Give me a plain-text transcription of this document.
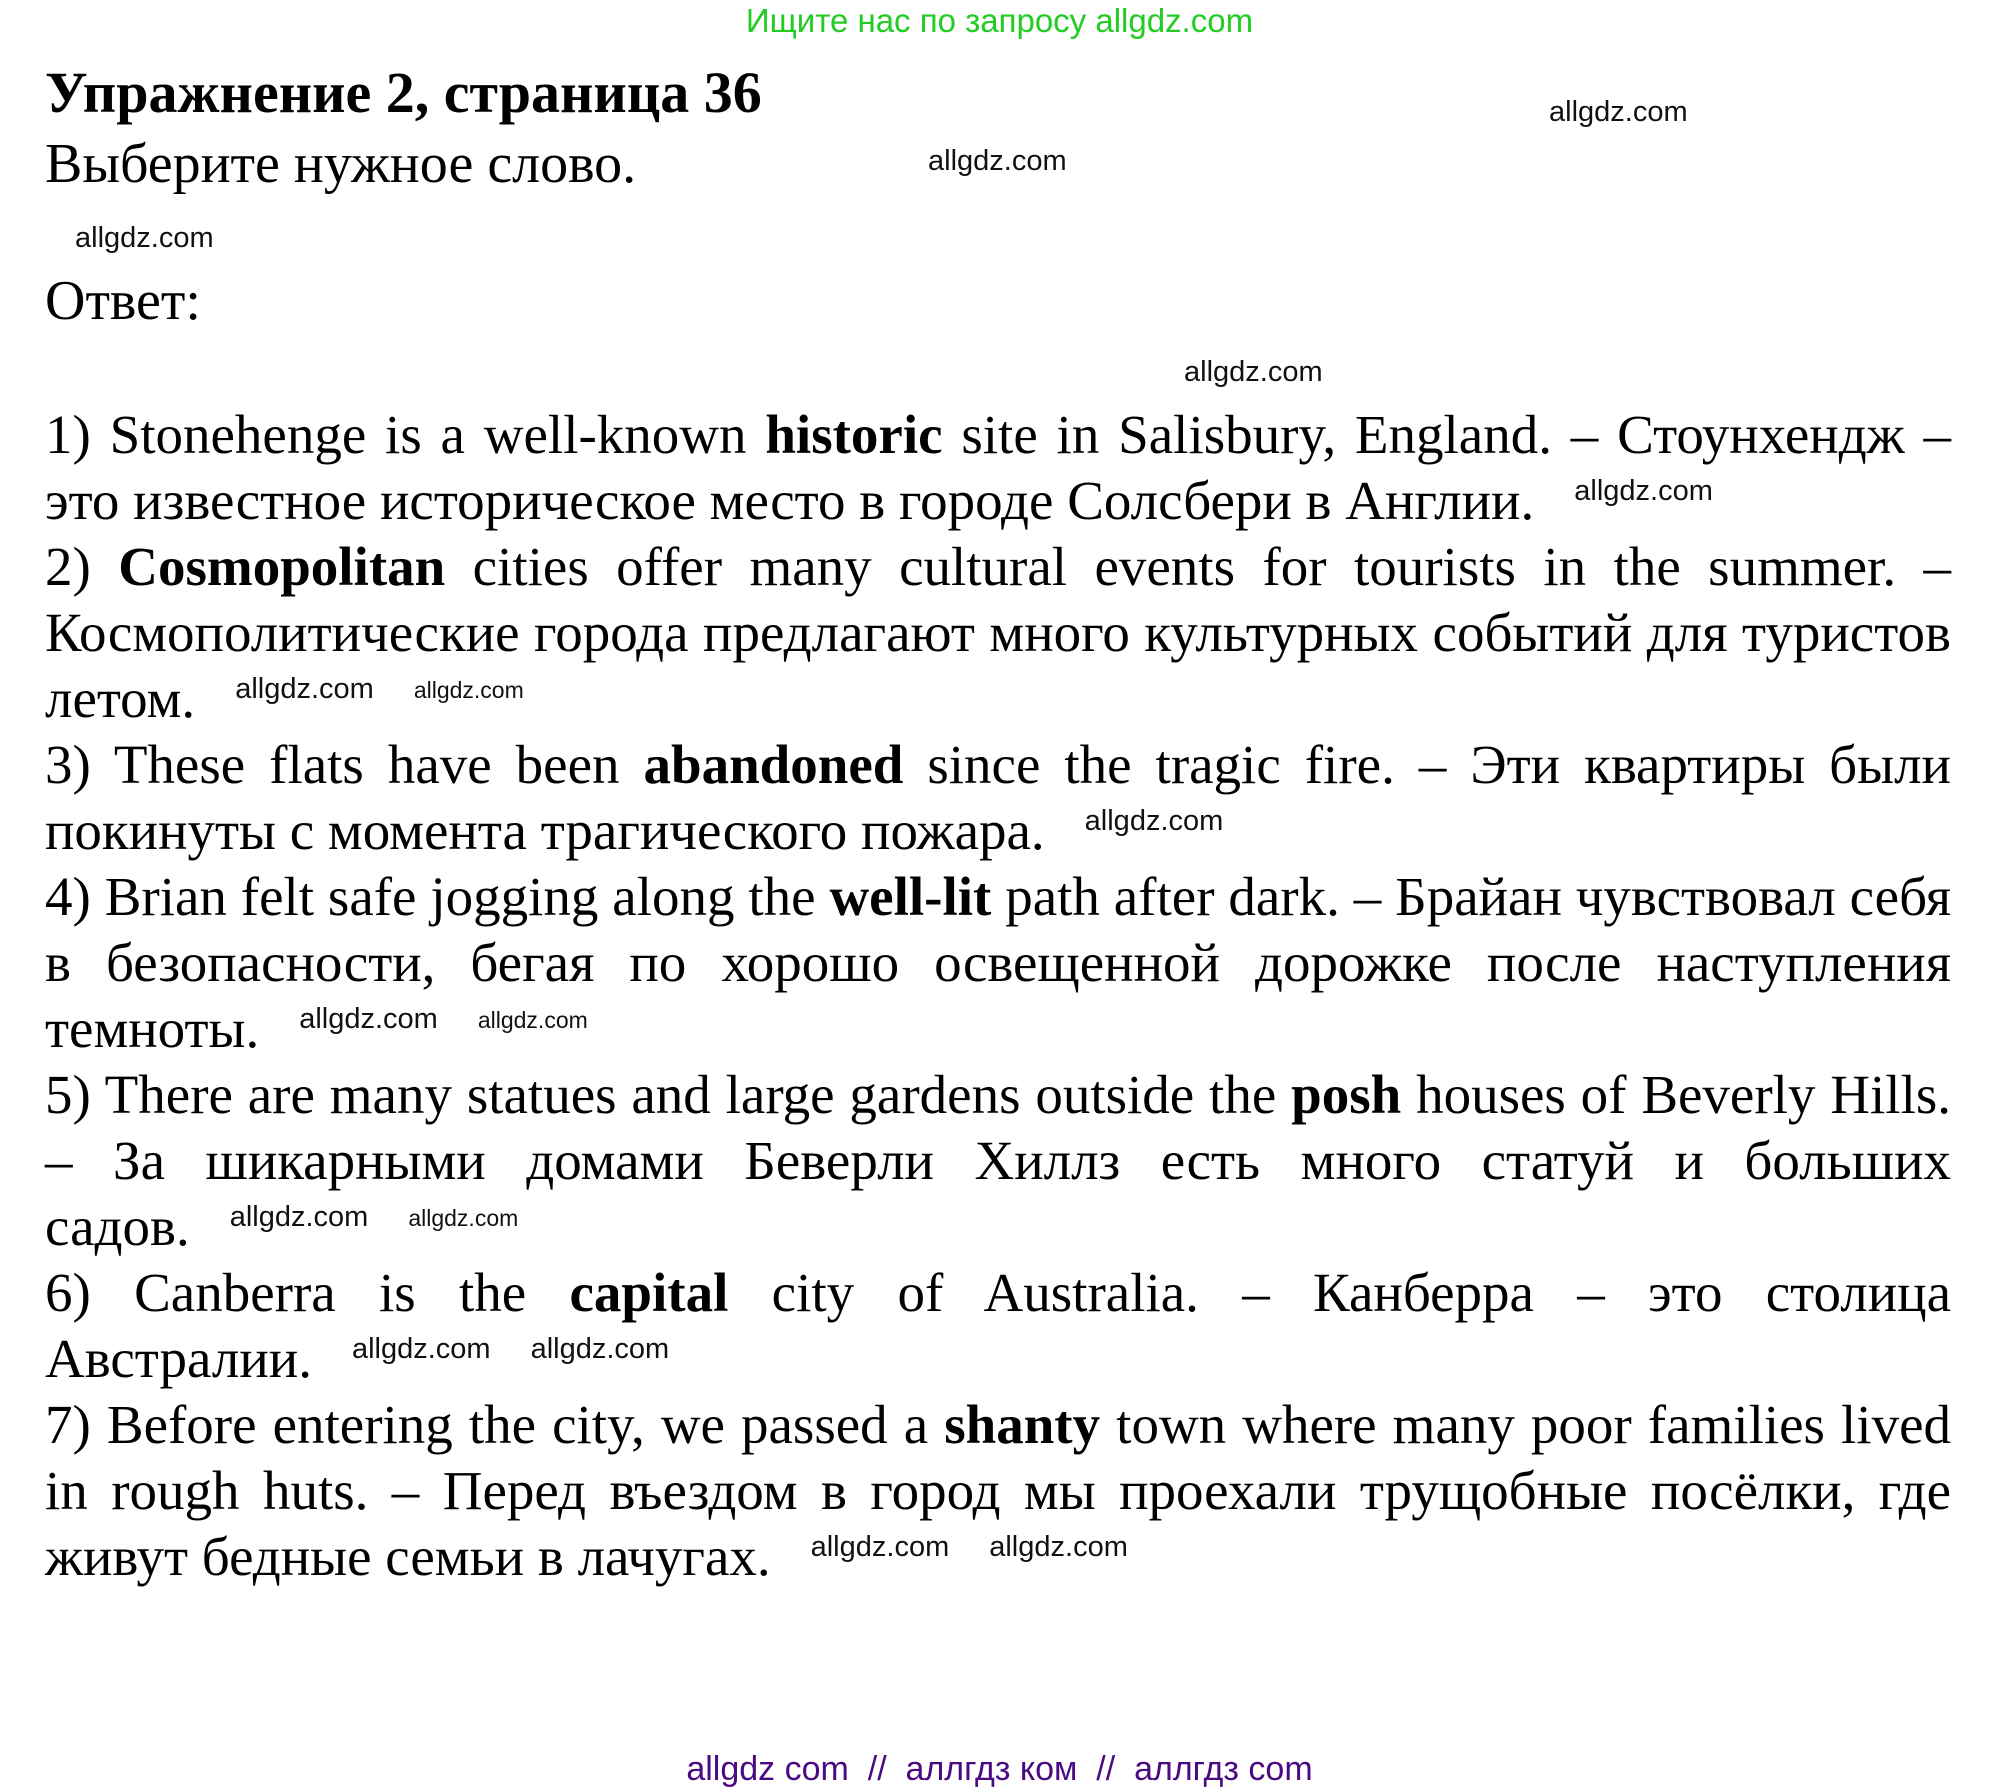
Ищите нас по запросу allgdz.com
Упражнение 2, страница 36
Выберите нужное слово.
Ответ:
allgdz.com
allgdz.com
allgdz.com
allgdz.com

1) Stonehenge is a well-known historic site in Salisbury, England. – Стоунхендж – это известное историческое место в городе Солсбери в Англии. $^{allgdz.com}$

2) Cosmopolitan cities offer many cultural events for tourists in the summer. – Космополитические города предлагают много культурных событий для туристов летом. $^{allgdz.com}$ $^{allgdz.com}$

3) These flats have been abandoned since the tragic fire. – Эти квартиры были покинуты с момента трагического пожара. $^{allgdz.com}$

4) Brian felt safe jogging along the well-lit path after dark. – Брайан чувствовал себя в безопасности, бегая по хорошо освещенной дорожке после наступления темноты. $^{allgdz.com}$ $^{allgdz.com}$

5) There are many statues and large gardens outside the posh houses of Beverly Hills. – За шикарными домами Беверли Хиллз есть много статуй и больших садов. $^{allgdz.com}$ $^{allgdz.com}$

6) Canberra is the capital city of Australia. – Канберра – это столица Австралии. $^{allgdz.com}$ $^{allgdz.com}$

7) Before entering the city, we passed a shanty town where many poor families lived in rough huts. – Перед въездом в город мы проехали трущобные посёлки, где живут бедные семьи в лачугах. $^{allgdz.com}$ $^{allgdz.com}$

allgdz com  //  аллгдз ком  //  аллгдз com
